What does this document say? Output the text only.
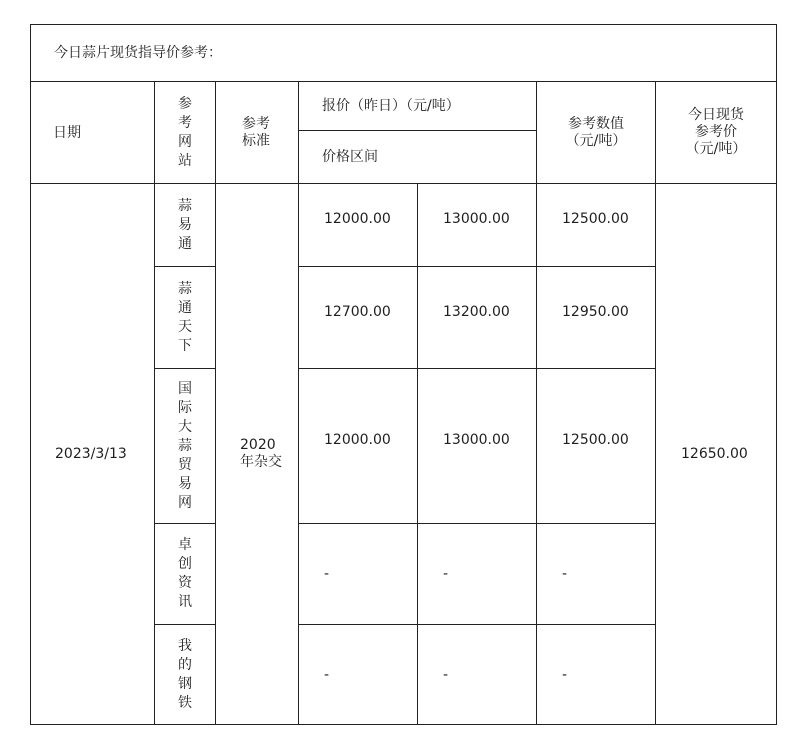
今日蒜片现货指导价参考：						
日期	参考网站	参考标准	报价（昨日）（元/吨）		参考数值（元/吨）	今日现货参考价（元/吨）
			价格区间			
2023/3/13	蒜易通	2020年杂交	12000.00	13000.00	12500.00	12650.00
	蒜通天下		12700.00	13200.00	12950.00	
	国际大蒜贸易网		12000.00	13000.00	12500.00	
	卓创资讯		-	-	-	
	我的钢铁		-	-	-	
